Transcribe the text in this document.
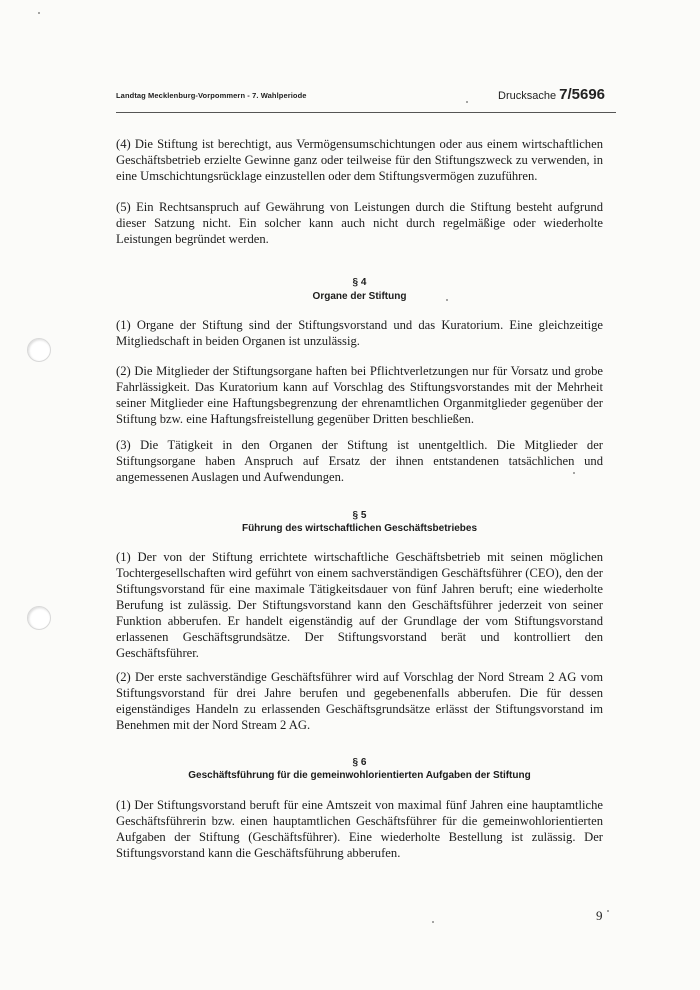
Landtag Mecklenburg-Vorpommern - 7. Wahlperiode	Drucksache 7/5696

(4) Die Stiftung ist berechtigt, aus Vermögensumschichtungen oder aus einem wirtschaftlichen Geschäftsbetrieb erzielte Gewinne ganz oder teilweise für den Stiftungszweck zu verwenden, in eine Umschichtungsrücklage einzustellen oder dem Stiftungsvermögen zuzuführen.

(5) Ein Rechtsanspruch auf Gewährung von Leistungen durch die Stiftung besteht aufgrund dieser Satzung nicht. Ein solcher kann auch nicht durch regelmäßige oder wiederholte Leistungen begründet werden.

§ 4
Organe der Stiftung

(1) Organe der Stiftung sind der Stiftungsvorstand und das Kuratorium. Eine gleichzeitige Mitgliedschaft in beiden Organen ist unzulässig.

(2) Die Mitglieder der Stiftungsorgane haften bei Pflichtverletzungen nur für Vorsatz und grobe Fahrlässigkeit. Das Kuratorium kann auf Vorschlag des Stiftungsvorstandes mit der Mehrheit seiner Mitglieder eine Haftungsbegrenzung der ehrenamtlichen Organmitglieder gegenüber der Stiftung bzw. eine Haftungsfreistellung gegenüber Dritten beschließen.

(3) Die Tätigkeit in den Organen der Stiftung ist unentgeltlich. Die Mitglieder der Stiftungsorgane haben Anspruch auf Ersatz der ihnen entstandenen tatsächlichen und angemessenen Auslagen und Aufwendungen.

§ 5
Führung des wirtschaftlichen Geschäftsbetriebes

(1) Der von der Stiftung errichtete wirtschaftliche Geschäftsbetrieb mit seinen möglichen Tochtergesellschaften wird geführt von einem sachverständigen Geschäftsführer (CEO), den der Stiftungsvorstand für eine maximale Tätigkeitsdauer von fünf Jahren beruft; eine wiederholte Berufung ist zulässig. Der Stiftungsvorstand kann den Geschäftsführer jederzeit von seiner Funktion abberufen. Er handelt eigenständig auf der Grundlage der vom Stiftungsvorstand erlassenen Geschäftsgrundsätze. Der Stiftungsvorstand berät und kontrolliert den Geschäftsführer.

(2) Der erste sachverständige Geschäftsführer wird auf Vorschlag der Nord Stream 2 AG vom Stiftungsvorstand für drei Jahre berufen und gegebenenfalls abberufen. Die für dessen eigenständiges Handeln zu erlassenden Geschäftsgrundsätze erlässt der Stiftungsvorstand im Benehmen mit der Nord Stream 2 AG.

§ 6
Geschäftsführung für die gemeinwohlorientierten Aufgaben der Stiftung

(1) Der Stiftungsvorstand beruft für eine Amtszeit von maximal fünf Jahren eine hauptamtliche Geschäftsführerin bzw. einen hauptamtlichen Geschäftsführer für die gemeinwohlorientierten Aufgaben der Stiftung (Geschäftsführer). Eine wiederholte Bestellung ist zulässig. Der Stiftungsvorstand kann die Geschäftsführung abberufen.

9
